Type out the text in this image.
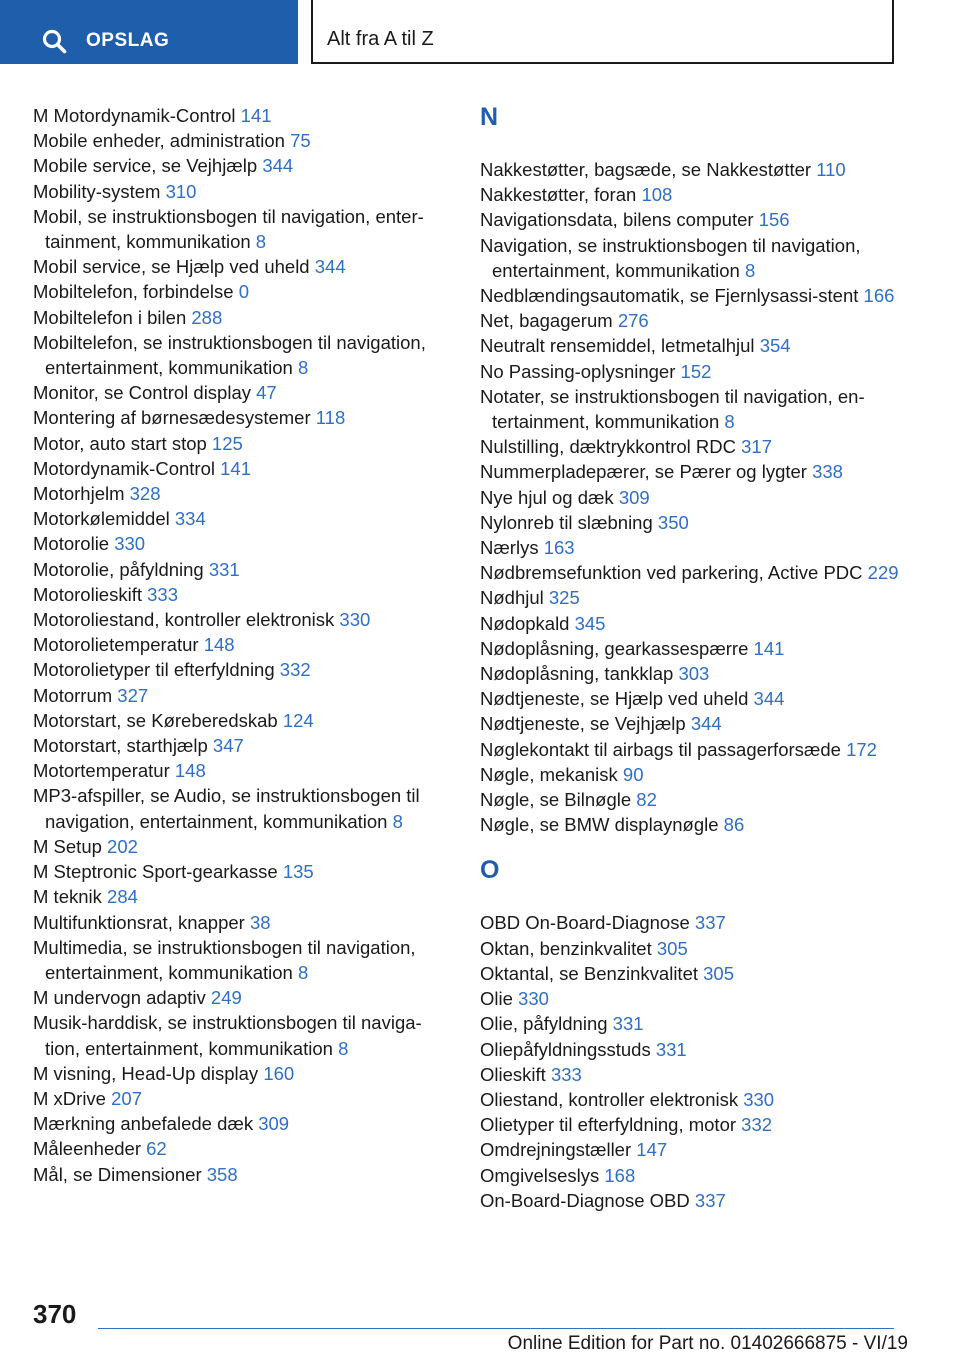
OPSLAG	Alt fra A til Z
M Motordynamik-Control 141
Mobile enheder, administration 75
Mobile service, se Vejhjælp 344
Mobility-system 310
Mobil, se instruktionsbogen til navigation, enter‐tainment, kommunikation 8
Mobil service, se Hjælp ved uheld 344
Mobiltelefon, forbindelse 0
Mobiltelefon i bilen 288
Mobiltelefon, se instruktionsbogen til navigation, entertainment, kommunikation 8
Monitor, se Control display 47
Montering af børnesædesystemer 118
Motor, auto start stop 125
Motordynamik-Control 141
Motorhjelm 328
Motorkølemiddel 334
Motorolie 330
Motorolie, påfyldning 331
Motorolieskift 333
Motoroliestand, kontroller elektronisk 330
Motorolietemperatur 148
Motorolietyper til efterfyldning 332
Motorrum 327
Motorstart, se Køreberedskab 124
Motorstart, starthjælp 347
Motortemperatur 148
MP3-afspiller, se Audio, se instruktionsbogen til navigation, entertainment, kommunikation 8
M Setup 202
M Steptronic Sport-gearkasse 135
M teknik 284
Multifunktionsrat, knapper 38
Multimedia, se instruktionsbogen til navigation, entertainment, kommunikation 8
M undervogn adaptiv 249
Musik-harddisk, se instruktionsbogen til naviga‐tion, entertainment, kommunikation 8
M visning, Head-Up display 160
M xDrive 207
Mærkning anbefalede dæk 309
Måleenheder 62
Mål, se Dimensioner 358
N
Nakkestøtter, bagsæde, se Nakkestøtter 110
Nakkestøtter, foran 108
Navigationsdata, bilens computer 156
Navigation, se instruktionsbogen til navigation, entertainment, kommunikation 8
Nedblændingsautomatik, se Fjernlysassi‐stent 166
Net, bagagerum 276
Neutralt rensemiddel, letmetalhjul 354
No Passing-oplysninger 152
Notater, se instruktionsbogen til navigation, en‐tertainment, kommunikation 8
Nulstilling, dæktrykkontrol RDC 317
Nummerpladepærer, se Pærer og lygter 338
Nye hjul og dæk 309
Nylonreb til slæbning 350
Nærlys 163
Nødbremsefunktion ved parkering, Active PDC 229
Nødhjul 325
Nødopkald 345
Nødoplåsning, gearkassespærre 141
Nødoplåsning, tankklap 303
Nødtjeneste, se Hjælp ved uheld 344
Nødtjeneste, se Vejhjælp 344
Nøglekontakt til airbags til passagerforsæde 172
Nøgle, mekanisk 90
Nøgle, se Bilnøgle 82
Nøgle, se BMW displaynøgle 86
O
OBD On-Board-Diagnose 337
Oktan, benzinkvalitet 305
Oktantal, se Benzinkvalitet 305
Olie 330
Olie, påfyldning 331
Oliepåfyldningsstuds 331
Olieskift 333
Oliestand, kontroller elektronisk 330
Olietyper til efterfyldning, motor 332
Omdrejningstæller 147
Omgivelseslys 168
On-Board-Diagnose OBD 337
370
Online Edition for Part no. 01402666875 - VI/19
